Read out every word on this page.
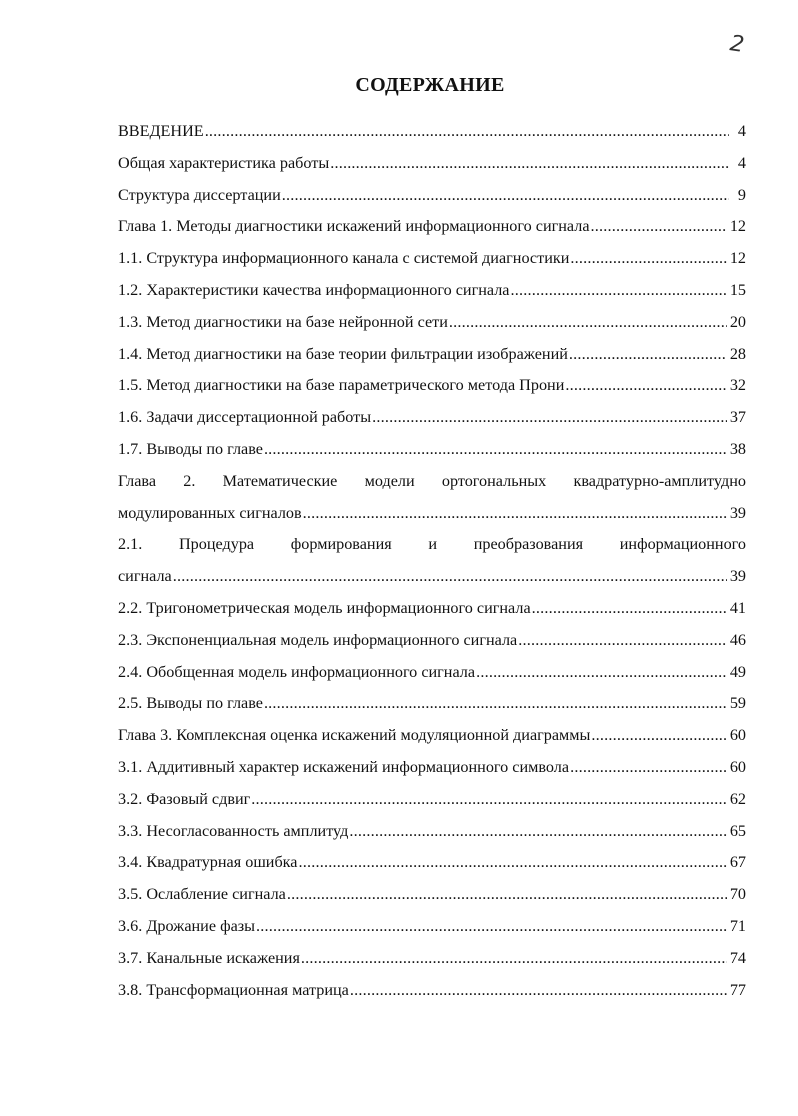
2
СОДЕРЖАНИЕ
ВВЕДЕНИЕ .....	4
Общая характеристика работы .....	4
Структура диссертации .....	9
Глава 1. Методы диагностики искажений информационного сигнала .....	12
1.1. Структура информационного канала с системой диагностики .....	12
1.2. Характеристики качества информационного сигнала .....	15
1.3. Метод диагностики на базе нейронной сети .....	20
1.4. Метод диагностики на базе теории фильтрации изображений .....	28
1.5. Метод диагностики на базе параметрического метода Прони .....	32
1.6. Задачи диссертационной работы .....	37
1.7. Выводы по главе .....	38
Глава 2. Математические модели ортогональных квадратурно-амплитудно
модулированных сигналов .....	39
2.1. Процедура формирования и преобразования информационного
сигнала .....	39
2.2. Тригонометрическая модель информационного сигнала .....	41
2.3. Экспоненциальная модель информационного сигнала .....	46
2.4. Обобщенная модель информационного сигнала .....	49
2.5. Выводы по главе .....	59
Глава 3. Комплексная оценка искажений модуляционной диаграммы .....	60
3.1. Аддитивный характер искажений информационного символа .....	60
3.2. Фазовый сдвиг .....	62
3.3. Несогласованность амплитуд .....	65
3.4. Квадратурная ошибка .....	67
3.5. Ослабление сигнала .....	70
3.6. Дрожание фазы .....	71
3.7. Канальные искажения .....	74
3.8. Трансформационная матрица .....	77
